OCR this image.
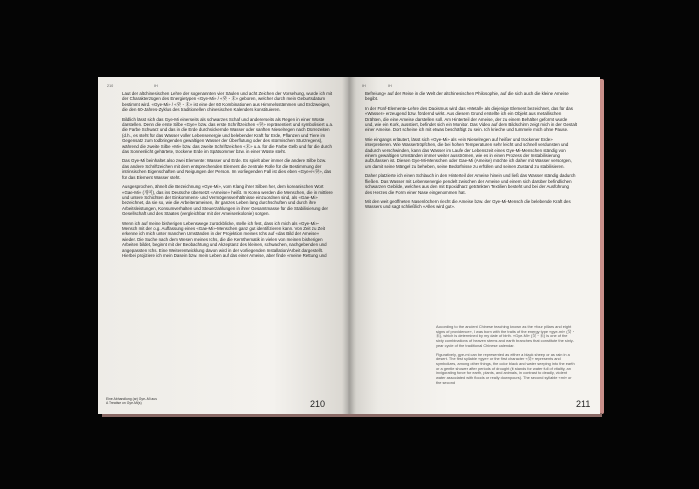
210	IH

Laut der altchinesischen Lehre der sogenannten vier Säulen und acht Zeichen der Vorsehung, wurde ich mit der Charakterzügen des Energietypen «Gye-Mi» / «癸・未» geboren, welcher durch mein Geburtsdatum bestimmt wird. «Gye-Mi» / «癸・未» ist eine der 60 Kombinationen aus Himmelsstämmen und Erdzweigen, die den 60-Jahres-Zyklus des traditionellen chinesischen Kalenders konstituieren.

Bildlich lässt sich das Gye-Mi einerseits als schwarzes Schaf und andererseits als Regen in einer Wüste darstellen. Denn die erste Silbe «Gye» bzw. das erste Schriftzeichen «癸» repräsentiert und symbolisiert u.a. die Farbe Schwarz und das in die Erde durchsickernde Wasser oder sanften Nieselregen nach Dürrezeiten (d.h., es steht für das Wasser voller Lebensenergie und belebender Kraft für Erde, Pflanzen und Tiere im Gegensatz zum todbringenden gewaltigen Wasser der Überflutung oder des stürmischen Sturzregens), während die zweite Silbe «Mi» bzw. das zweite Schriftzeichen «未» u.a. für die Farbe Gelb und für die durch das Sonnenlicht gehärtete, trockene Erde im Spätsommer bzw. in einer Wüste steht.

Das Gye-Mi beinhaltet also zwei Elemente: Wasser und Erde. Es spielt aber immer die andere Silbe bzw. das andere Schriftzeichen mit dem entsprechenden Element die zentrale Rolle für die Bestimmung der intrinsischen Eigenschaften und Neigungen der Person. Im vorliegenden Fall ist dies eben «Gye»/«癸», das für das Element Wasser steht.

Ausgesprochen, ähnelt die Bezeichnung «Gye-Mi», vom Klang ihrer Silben her, dem koreanischen Wort «Gae-Mi» (개미), das ins Deutsche übersetzt «Ameise» heißt. In Korea werden die Menschen, die in mittlere und untere Schichten der Einkommens- und Vermögensverhältnisse einzuordnen sind, als «Gae-Mi» bezeichnet, da sie so, wie die Arbeiterameisen, ihr ganzes Leben lang durchschuften und durch ihre Arbeitsleistungen, Konsumverhalten und Steuerzahlungen in ihrer Gesamtmasse für die Stabilisierung der Gesellschaft und des Staates (vergleichbar mit der Ameisenkolonie) sorgen.

Wenn ich auf meine bisherigen Lebenswege zurückblicke, stelle ich fest, dass ich mich als «Gye-Mi»-Mensch mit der o.g. Auffassung eines «Gae-Mi»-Menschen ganz gut identifizieren kann. Von Zeit zu Zeit erkenne ich mich unter manchen Umständen in der Projektion meines Ichs auf «das Bild der Ameise» wieder. Die Suche nach dem Wesen meines Ichs, die die Kernthematik in vielen von meinen bisherigen Arbeiten bildet, beginnt mit der Beobachtung und Akzeptanz des kleinen, schwachen, nachgebenden und angepassten Ichs. Eine Weiterentwicklung davon wird in der vorliegenden Installation/Arbeit dargestellt. Hierbei projiziere ich mein Dasein bzw. mein Leben auf das einer Ameise, aber finde «meine Rettung und

Eine Abhandlung (ar) Gye–Mi aus
A Treatise on Gye-Mi(s)	210
IH	IH

Befreiung» auf der Reise in die Welt der altchinesischen Philosophie, auf die sich auch die kleine Ameise begibt.

In der Fünf-Elemente-Lehre des Daoismus wird das «Metall» als diejenige Element bezeichnet, das für das «Wasser» erzeugend bzw. fördernd wirkt. Aus diesem Grund erstellte ich ein Objekt aus metallischen Drähten, die eine Ameise darstellen soll. Am Hinterteil der Ameise, der zu einem Behälter geformt wurde und, wie ein Kork, ausstiert, befindet sich ein Monitor. Das Video auf dem Bildschirm zeigt mich in der Gestalt einer Ameise. Dort scheine ich mit etwas beschäftigt zu sein. Ich krieche und tummele mich ohne Pause.

Wie eingangs erläutert, lässt sich «Gye-Mi» als «ein Nieselregen auf heißer und trockener Erde» interpretieren. Wie Wassertröpfchen, die bei hohen Temperaturen sehr leicht und schnell verdunsten und dadurch verschwinden, kann das Wasser im Laufe der Lebenszeit eines Gye-Mi-Menschen ständig von einem gewaltigen Umständen immer weiter ausströmen, wie es in einen Prozess der Instabilisierung aufzufassen ist. Diesen Gye-Mi-Menschen oder Gae-Mi (Ameise) möchte ich daher mit Wasser versorgen, um damit seine Mängel zu beheben, seine Bedürfnisse zu erfüllen und seinen Zustand zu stabilisieren.

Daher platzierte ich einen Schlauch in den Hinterteil der Ameise hinein und ließ das Wasser ständig dadurch fließen. Das Wasser mit Lebensenergie pendelt zwischen der Ameise und einem sich darüber befindlichen schwarzen Gebilde, welches aus den mit Epoxidharz getränkten Textilien besteht und bei der Ausführung des Herzes die Form einer Nase eingenommen hat.

Mit den weit geöffneten Nasenlöchern riecht die Ameise bzw. der Gye-Mi-Mensch die belebende Kraft des Wassers und sagt schließlich «Alles wird gut».

According to the ancient Chinese teaching known as the «four pillars and eight signs of providence», I was born with the traits of the energy type «gye-mi» (癸・未), which is determined by my date of birth. «Gye-Mi» (癸・未) is one of the sixty combinations of heaven stems and earth branches that constitute the sixty-year cycle of the traditional Chinese calendar.

Figuratively, gye-mi can be represented as either a black sheep or as rain in a desert. The first syllable «gye» or the first character «癸» represents and symbolizes, among other things, the color black and water seeping into the earth or a gentle shower after periods of drought (it stands for water full of vitality, an invigorating force for earth, plants, and animals, in contrast to deadly, violent water associated with floods or really downpours). The second syllable «mi» or the second

211
